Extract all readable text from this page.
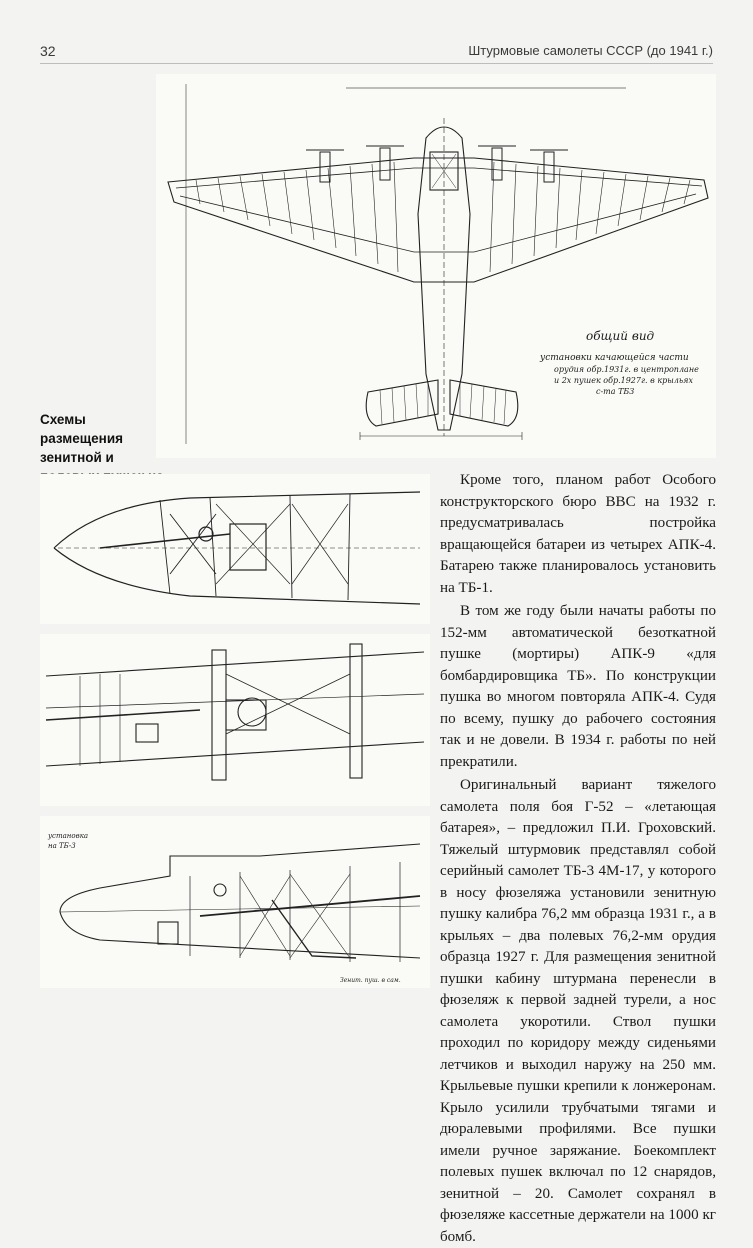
32	Штурмовые самолеты СССР (до 1941 г.)
общий вид
установки качающейся части
орудия обр.1931г. в центроплане
и 2х пушек обр.1927г. в крыльях
с-та ТБ3
Схемы размещения зенитной и
установка
на ТБ-3
Зенит. пуш. в сам.

Кроме того, планом работ Особого конструкторского бюро ВВС на 1932 г. предусматривалась постройка вращающейся батареи из четырех АПК-4. Батарею также планировалось установить на ТБ-1.

В том же году были начаты работы по 152-мм автоматической безоткатной пушке (мортиры) АПК-9 «для бомбардировщика ТБ». По конструкции пушка во многом повторяла АПК-4. Судя по всему, пушку до рабочего состояния так и не довели. В 1934 г. работы по ней прекратили.

Оригинальный вариант тяжелого самолета поля боя Г-52 – «летающая батарея», – предложил П.И. Гроховский. Тяжелый штурмовик представлял собой серийный самолет ТБ-3 4М-17, у которого в носу фюзеляжа установили зенитную пушку калибра 76,2 мм образца 1931 г., а в крыльях – два полевых 76,2-мм орудия образца 1927 г. Для размещения зенитной пушки кабину штурмана перенесли в фюзеляж к первой задней турели, а нос самолета укоротили. Ствол пушки проходил по коридору между сиденьями летчиков и выходил наружу на 250 мм. Крыльевые пушки крепили к лонжеронам. Крыло усилили трубчатыми тягами и дюралевыми профилями. Все пушки имели ручное заряжание. Боекомплект полевых пушек включал по 12 снарядов, зенитной – 20. Самолет сохранял в фюзеляже кассетные держатели на 1000 кг бомб.
